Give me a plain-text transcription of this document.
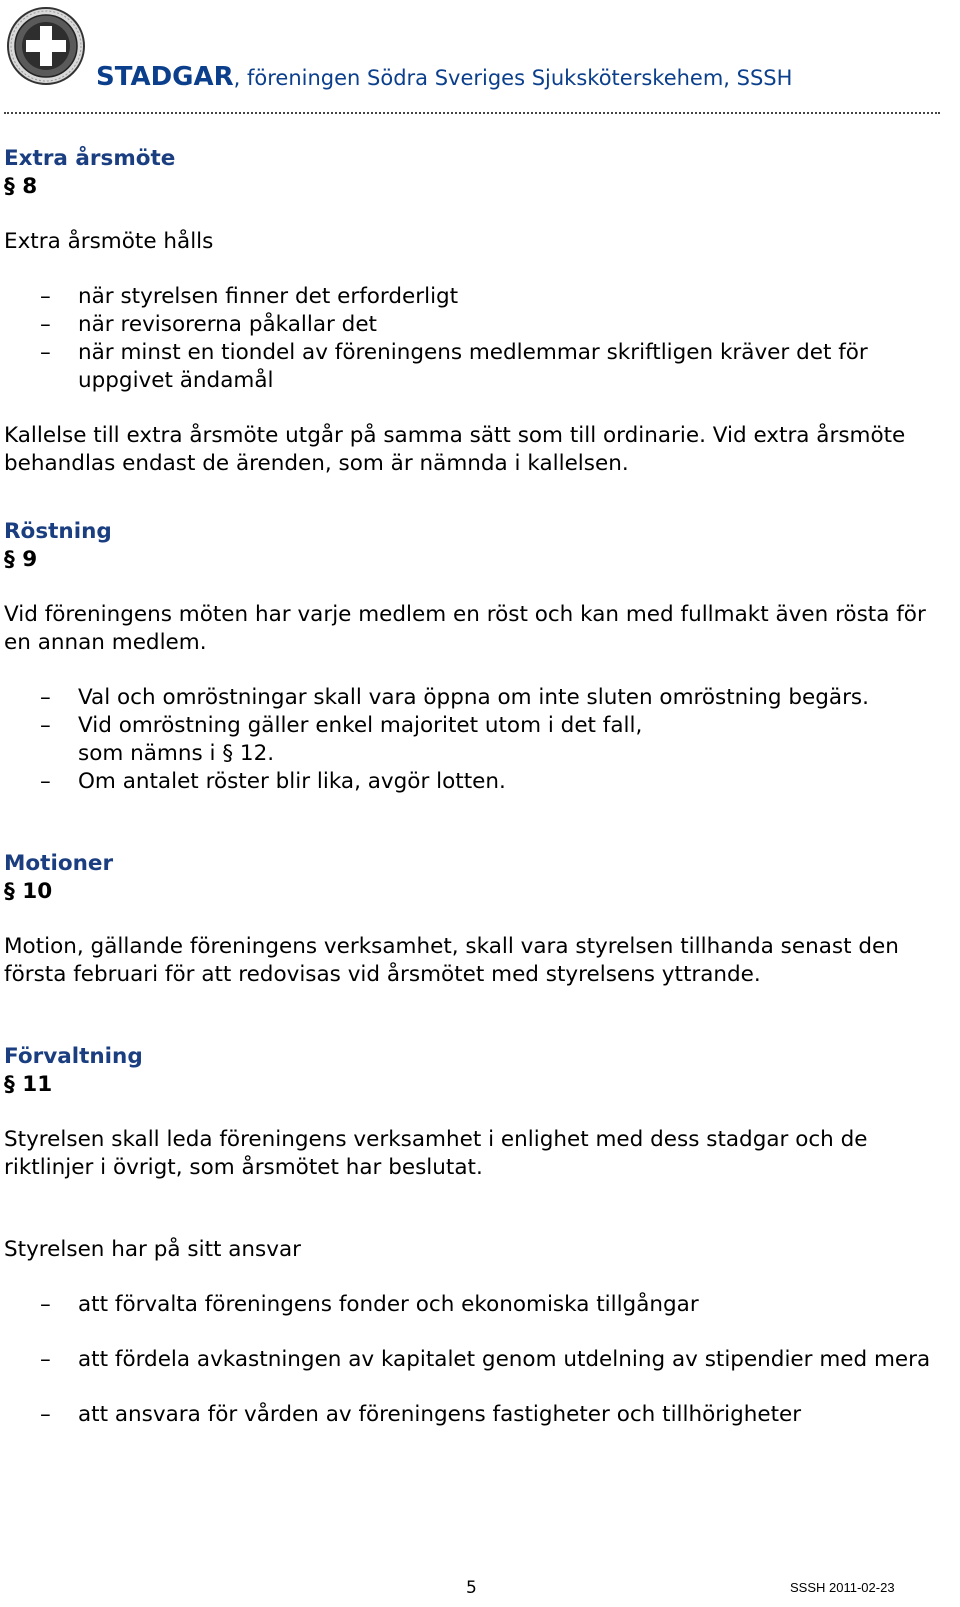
STADGAR, föreningen Södra Sveriges Sjuksköterskehem, SSSH

Extra årsmöte

§ 8

Extra årsmöte hålls

– när styrelsen finner det erforderligt
– när revisorerna påkallar det
– när minst en tiondel av föreningens medlemmar skriftligen kräver det för uppgivet ändamål

Kallelse till extra årsmöte utgår på samma sätt som till ordinarie. Vid extra årsmöte behandlas endast de ärenden, som är nämnda i kallelsen.

Röstning

§ 9

Vid föreningens möten har varje medlem en röst och kan med fullmakt även rösta för en annan medlem.

– Val och omröstningar skall vara öppna om inte sluten omröstning begärs.
– Vid omröstning gäller enkel majoritet utom i det fall, som nämns i § 12.
– Om antalet röster blir lika, avgör lotten.

Motioner

§ 10

Motion, gällande föreningens verksamhet, skall vara styrelsen tillhanda senast den första februari för att redovisas vid årsmötet med styrelsens yttrande.

Förvaltning

§ 11

Styrelsen skall leda föreningens verksamhet i enlighet med dess stadgar och de riktlinjer i övrigt, som årsmötet har beslutat.

Styrelsen har på sitt ansvar

– att förvalta föreningens fonder och ekonomiska tillgångar
– att fördela avkastningen av kapitalet genom utdelning av stipendier med mera
– att ansvara för vården av föreningens fastigheter och tillhörigheter
5	SSSH 2011-02-23
